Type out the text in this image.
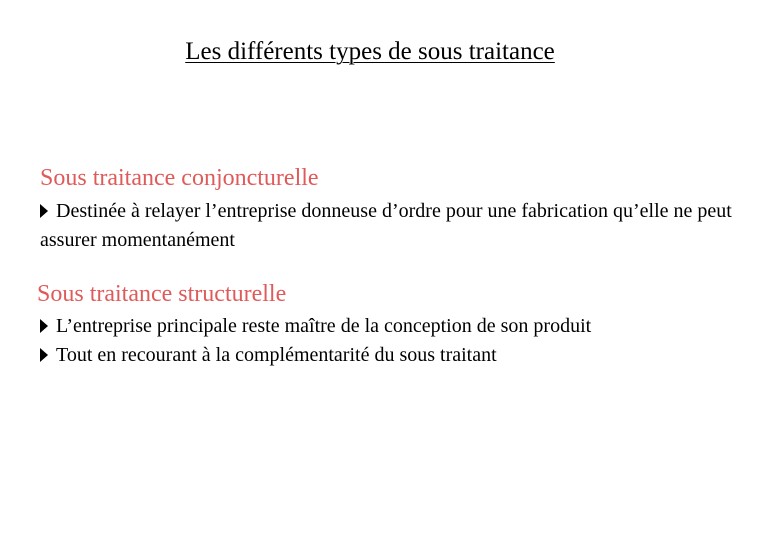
Les différents types de sous traitance
Sous traitance conjoncturelle
Destinée à relayer l’entreprise donneuse d’ordre pour une fabrication qu’elle ne peut assurer momentanément
Sous traitance structurelle
L’entreprise principale reste maître de la conception de son produit
Tout en recourant à la complémentarité du sous traitant
